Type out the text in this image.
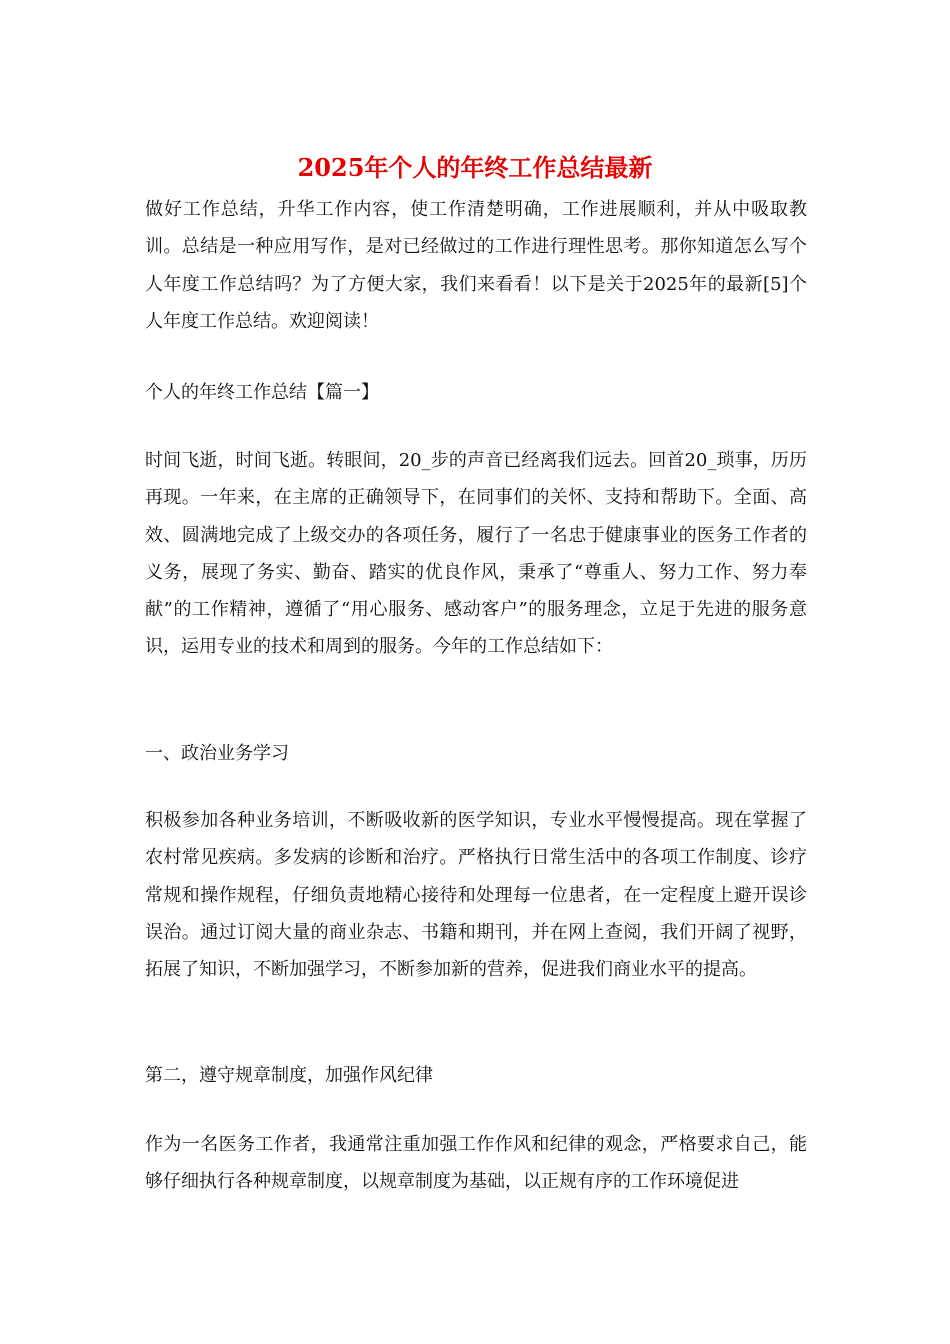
2025年个人的年终工作总结最新

做好工作总结，升华工作内容，使工作清楚明确，工作进展顺利，并从中吸取教训。总结是一种应用写作，是对已经做过的工作进行理性思考。那你知道怎么写个人年度工作总结吗？为了方便大家，我们来看看！以下是关于2025年的最新[5]个人年度工作总结。欢迎阅读！

个人的年终工作总结【篇一】

时间飞逝，时间飞逝。转眼间，20_步的声音已经离我们远去。回首20_琐事，历历再现。一年来，在主席的正确领导下，在同事们的关怀、支持和帮助下。全面、高效、圆满地完成了上级交办的各项任务，履行了一名忠于健康事业的医务工作者的义务，展现了务实、勤奋、踏实的优良作风，秉承了“尊重人、努力工作、努力奉献”的工作精神，遵循了“用心服务、感动客户”的服务理念，立足于先进的服务意识，运用专业的技术和周到的服务。今年的工作总结如下：

一、政治业务学习

积极参加各种业务培训，不断吸收新的医学知识，专业水平慢慢提高。现在掌握了农村常见疾病。多发病的诊断和治疗。严格执行日常生活中的各项工作制度、诊疗常规和操作规程，仔细负责地精心接待和处理每一位患者，在一定程度上避开误诊误治。通过订阅大量的商业杂志、书籍和期刊，并在网上查阅，我们开阔了视野，拓展了知识，不断加强学习，不断参加新的营养，促进我们商业水平的提高。

第二，遵守规章制度，加强作风纪律

作为一名医务工作者，我通常注重加强工作作风和纪律的观念，严格要求自己，能够仔细执行各种规章制度，以规章制度为基础，以正规有序的工作环境促进
